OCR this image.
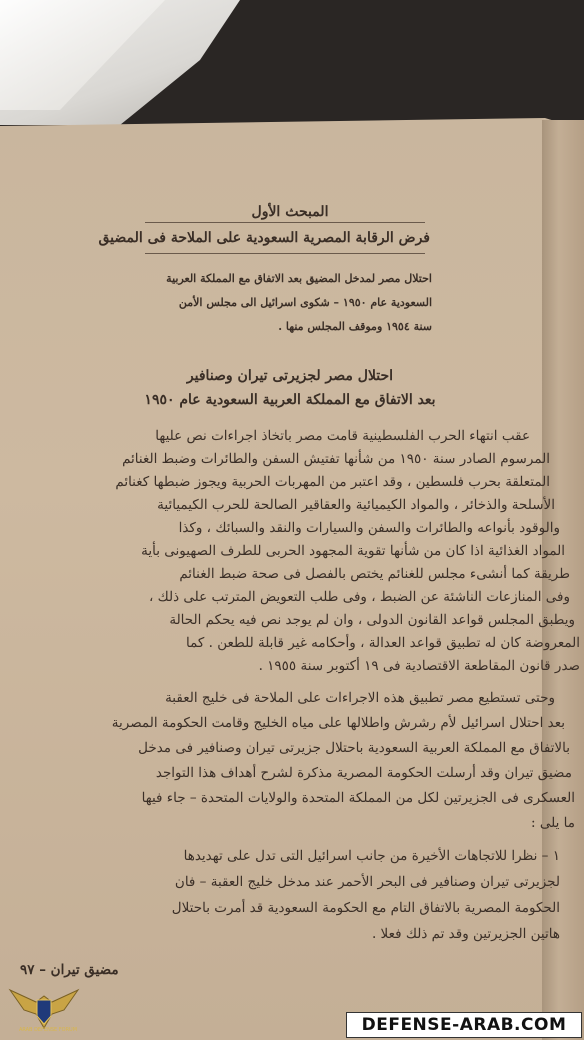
المبحث الأول
فرض الرقابة المصرية السعودية على الملاحة فى المضيق
احتلال مصر لمدخل المضيق بعد الاتفاق مع المملكة العربية
السعودية عام ١٩٥٠ – شكوى اسرائيل الى مجلس الأمن
سنة ١٩٥٤ وموقف المجلس منها .
احتلال مصر لجزيرتى تيران وصنافير
بعد الاتفاق مع المملكة العربية السعودية عام ١٩٥٠
عقب انتهاء الحرب الفلسطينية قامت مصر باتخاذ اجراءات نص عليها
المرسوم الصادر سنة ١٩٥٠ من شأنها تفتيش السفن والطائرات وضبط الغنائم
المتعلقة بحرب فلسطين ، وقد اعتبر من المهربات الحربية ويجوز ضبطها كغنائم
الأسلحة والذخائر ، والمواد الكيميائية والعقاقير الصالحة للحرب الكيميائية
والوقود بأنواعه والطائرات والسفن والسيارات والنقد والسبائك ، وكذا
المواد الغذائية اذا كان من شأنها تقوية المجهود الحربى للطرف الصهيونى بأية
طريقة كما أنشىء مجلس للغنائم يختص بالفصل فى صحة ضبط الغنائم
وفى المنازعات الناشئة عن الضبط ، وفى طلب التعويض المترتب على ذلك ،
ويطبق المجلس قواعد القانون الدولى ، وان لم يوجد نص فيه يحكم الحالة
المعروضة كان له تطبيق قواعد العدالة ، وأحكامه غير قابلة للطعن . كما
صدر قانون المقاطعة الاقتصادية فى ١٩ أكتوبر سنة ١٩٥٥ .
وحتى تستطيع مصر تطبيق هذه الاجراءات على الملاحة فى خليج العقبة
بعد احتلال اسرائيل لأم رشرش واطلالها على مياه الخليج وقامت الحكومة المصرية
بالاتفاق مع المملكة العربية السعودية باحتلال جزيرتى تيران وصنافير فى مدخل
مضيق تيران وقد أرسلت الحكومة المصرية مذكرة لشرح أهداف هذا التواجد
العسكرى فى الجزيرتين لكل من المملكة المتحدة والولايات المتحدة – جاء فيها
ما يلى :
١ – نظرا للاتجاهات الأخيرة من جانب اسرائيل التى تدل على تهديدها
لجزيرتى تيران وصنافير فى البحر الأحمر عند مدخل خليج العقبة – فان
الحكومة المصرية بالاتفاق التام مع الحكومة السعودية قد أمرت باحتلال
هاتين الجزيرتين وقد تم ذلك فعلا .
مضيق تيران – ٩٧
ARAB DEFENSE FORUM	DEFENSE-ARAB.COM
